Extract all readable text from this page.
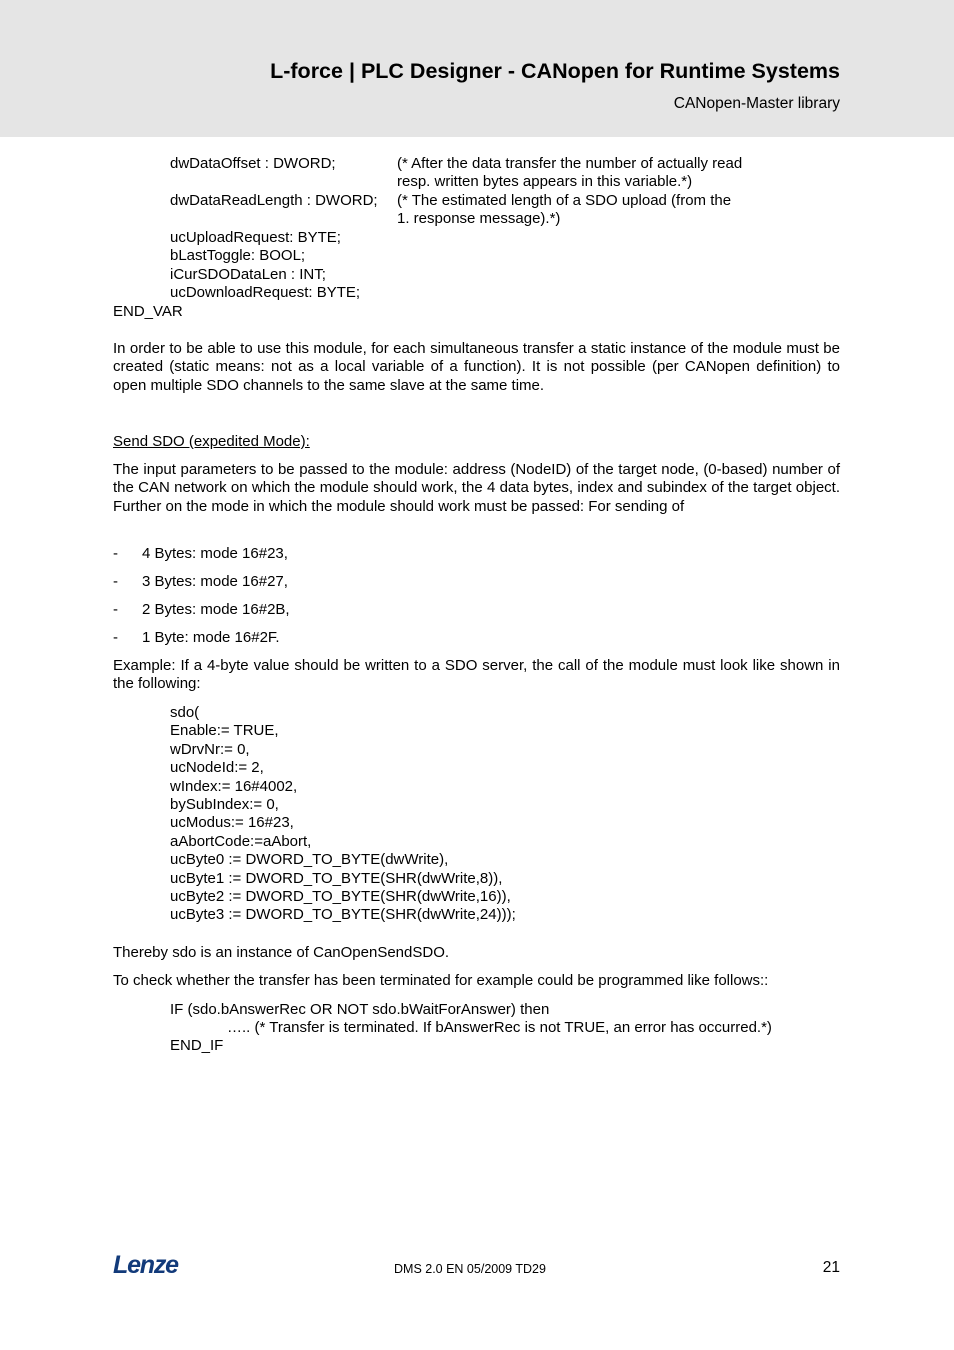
L-force | PLC Designer - CANopen for Runtime Systems
CANopen-Master library
dwDataOffset : DWORD;	(* After the data transfer the number of actually read
resp. written bytes appears in this variable.*)
dwDataReadLength : DWORD; (* The estimated length of a SDO upload (from the
1. response message).*)
ucUploadRequest: BYTE;
bLastToggle: BOOL;
iCurSDODataLen : INT;
ucDownloadRequest: BYTE;
END_VAR
In order to be able to use this module, for each simultaneous transfer a static instance of the module must be created (static means: not as a local variable of a function). It is not possible (per CANopen definition) to open multiple SDO channels to the same slave at the same time.
Send SDO (expedited Mode):
The input parameters to be passed to the module: address (NodeID) of the target node, (0-based) number of the CAN network on which the module should work, the 4 data bytes, index and subindex of the target object. Further on the mode in which the module should work must be passed: For sending of
- 4 Bytes: mode 16#23,
- 3 Bytes: mode 16#27,
- 2 Bytes: mode 16#2B,
- 1 Byte: mode 16#2F.
Example: If a 4-byte value should be written to a SDO server, the call of the module must look like shown in the following:
sdo(
Enable:= TRUE,
wDrvNr:= 0,
ucNodeId:= 2,
wIndex:= 16#4002,
bySubIndex:= 0,
ucModus:= 16#23,
aAbortCode:=aAbort,
ucByte0 := DWORD_TO_BYTE(dwWrite),
ucByte1 := DWORD_TO_BYTE(SHR(dwWrite,8)),
ucByte2 := DWORD_TO_BYTE(SHR(dwWrite,16)),
ucByte3 := DWORD_TO_BYTE(SHR(dwWrite,24)));
Thereby sdo is an instance of CanOpenSendSDO.
To check whether the transfer has been terminated for example could be programmed like follows::
IF (sdo.bAnswerRec OR NOT sdo.bWaitForAnswer) then
….. (* Transfer is terminated. If bAnswerRec is not TRUE, an error has occurred.*)
END_IF
Lenze	DMS 2.0 EN 05/2009 TD29	21
